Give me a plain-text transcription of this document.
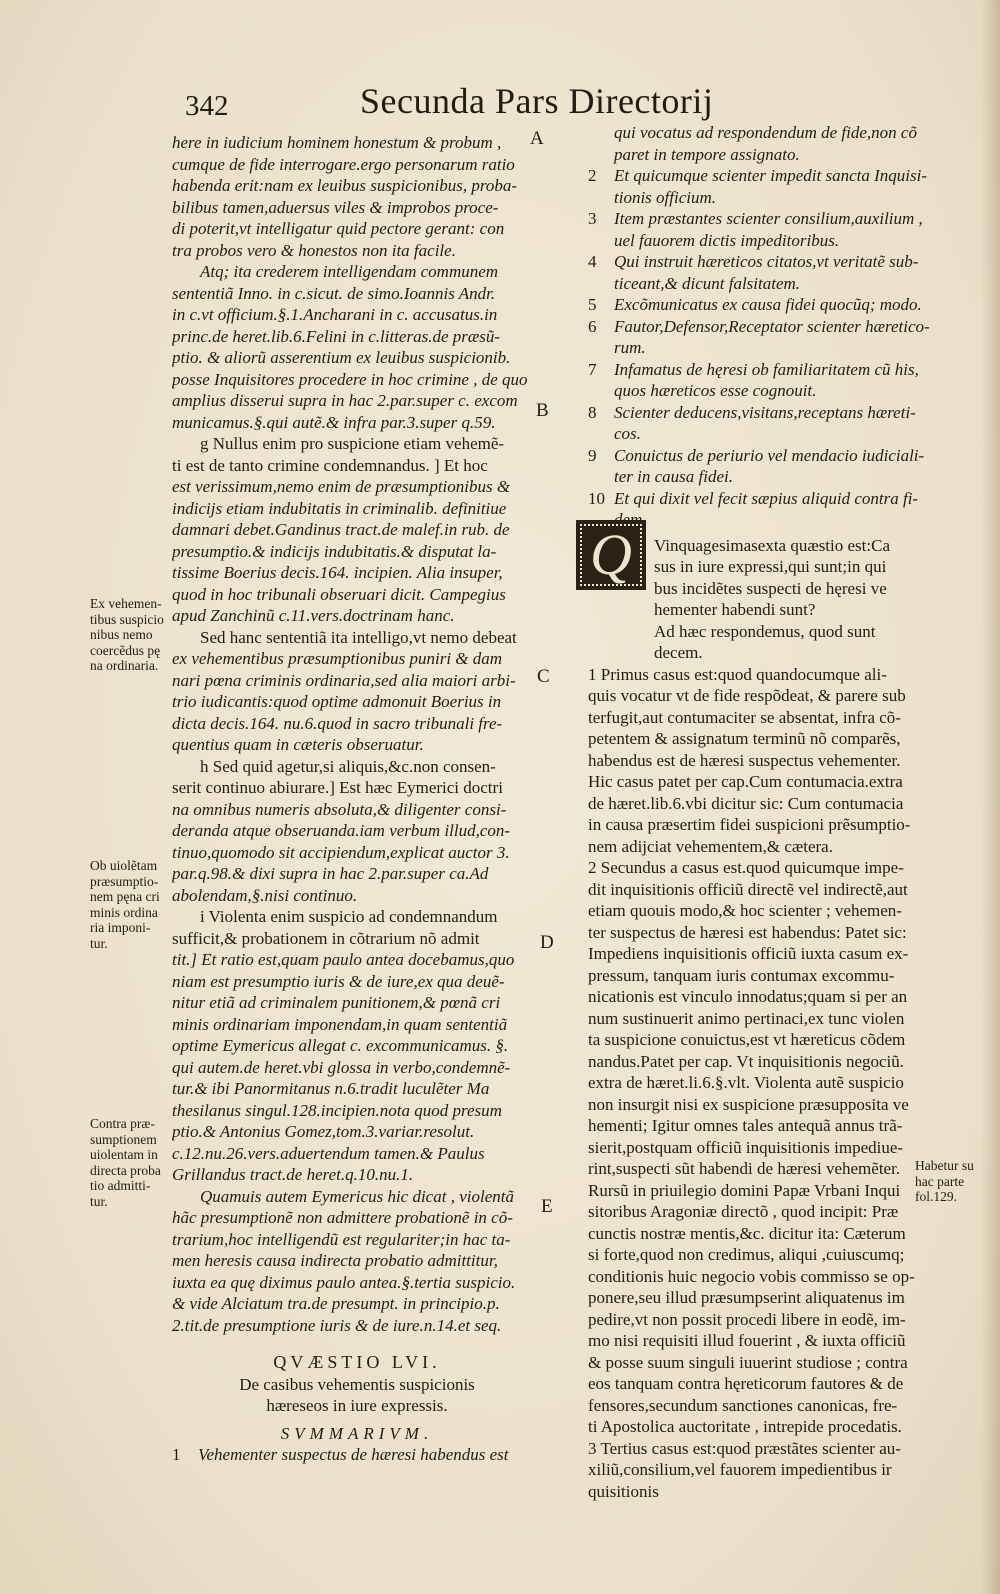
342	Secunda Pars Directorij
here in iudicium hominem honestum & probum ,
cumque de fide interrogare.ergo personarum ratio
habenda erit:nam ex leuibus suspicionibus, proba-
bilibus tamen,aduersus viles & improbos proce-
di poterit,vt intelligatur quid pectore gerant: con
tra probos vero & honestos non ita facile.
Atq; ita crederem intelligendam communem
sententiã Inno. in c.sicut. de simo.Ioannis Andr.
in c.vt officium.§.1.Ancharani in c. accusatus.in
princ.de heret.lib.6.Felini in c.litteras.de præsũ-
ptio. & aliorũ asserentium ex leuibus suspicionib.
posse Inquisitores procedere in hoc crimine , de quo
amplius disserui supra in hac 2.par.super c. excom
municamus.§.qui autẽ.& infra par.3.super q.59.
g Nullus enim pro suspicione etiam vehemẽ-
ti est de tanto crimine condemnandus. ] Et hoc
est verissimum,nemo enim de præsumptionibus &
indicijs etiam indubitatis in criminalib. definitiue
damnari debet.Gandinus tract.de malef.in rub. de
presumptio.& indicijs indubitatis.& disputat la-
tissime Boerius decis.164. incipien. Alia insuper,
quod in hoc tribunali obseruari dicit. Campegius
apud Zanchinũ c.11.vers.doctrinam hanc.
Sed hanc sententiã ita intelligo,vt nemo debeat
ex vehementibus præsumptionibus puniri & dam
nari pœna criminis ordinaria,sed alia maiori arbi-
trio iudicantis:quod optime admonuit Boerius in
dicta decis.164. nu.6.quod in sacro tribunali fre-
quentius quam in cæteris obseruatur.
h Sed quid agetur,si aliquis,&c.non consen-
serit continuo abiurare.] Est hæc Eymerici doctri
na omnibus numeris absoluta,& diligenter consi-
deranda atque obseruanda.iam verbum illud,con-
tinuo,quomodo sit accipiendum,explicat auctor 3.
par.q.98.& dixi supra in hac 2.par.super ca.Ad
abolendam,§.nisi continuo.
i Violenta enim suspicio ad condemnandum
sufficit,& probationem in cõtrarium nõ admit
tit.] Et ratio est,quam paulo antea docebamus,quo
niam est presumptio iuris & de iure,ex qua deuẽ-
nitur etiã ad criminalem punitionem,& pœnã cri
minis ordinariam imponendam,in quam sententiã
optime Eymericus allegat c. excommunicamus. §.
qui autem.de heret.vbi glossa in verbo,condemnẽ-
tur.& ibi Panormitanus n.6.tradit luculẽter Ma
thesilanus singul.128.incipien.nota quod presum
ptio.& Antonius Gomez,tom.3.variar.resolut.
c.12.nu.26.vers.aduertendum tamen.& Paulus
Grillandus tract.de heret.q.10.nu.1.
Quamuis autem Eymericus hic dicat , violentã
hãc presumptionẽ non admittere probationẽ in cõ-
trarium,hoc intelligendũ est regulariter;in hac ta-
men heresis causa indirecta probatio admittitur,
iuxta ea quę diximus paulo antea.§.tertia suspicio.
& vide Alciatum tra.de presumpt. in principio.p.
2.tit.de presumptione iuris & de iure.n.14.et seq.
QVÆSTIO LVI.
De casibus vehementis suspicionis
hæreseos in iure expressis.
SVMMARIVM.
1 Vehementer suspectus de hæresi habendus est
qui vocatus ad respondendum de fide,non cõ
paret in tempore assignato.
2 Et quicumque scienter impedit sancta Inquisi-
tionis officium.
3 Item præstantes scienter consilium,auxilium ,
uel fauorem dictis impeditoribus.
4 Qui instruit hæreticos citatos,vt veritatẽ sub-
ticeant,& dicunt falsitatem.
5 Excõmunicatus ex causa fidei quocũq; modo.
6 Fautor,Defensor,Receptator scienter hæretico-
rum.
7 Infamatus de hęresi ob familiaritatem cũ his,
quos hæreticos esse cognouit.
8 Scienter deducens,visitans,receptans hæreti-
cos.
9 Conuictus de periurio vel mendacio iudiciali-
ter in causa fidei.
10 Et qui dixit vel fecit sæpius aliquid contra fi-
Vinquagesimasexta quæstio est:Ca
sus in iure expressi,qui sunt;in qui
bus incidẽtes suspecti de hęresi ve
hementer habendi sunt?
Ad hæc respondemus, quod sunt
decem.
1 Primus casus est:quod quandocumque ali-
quis vocatur vt de fide respõdeat, & parere sub
terfugit,aut contumaciter se absentat, infra cõ-
petentem & assignatum terminũ nõ comparẽs,
habendus est de hæresi suspectus vehementer.
Hic casus patet per cap.Cum contumacia.extra
de hæret.lib.6.vbi dicitur sic: Cum contumacia
in causa præsertim fidei suspicioni prẽsumptio-
nem adijciat vehementem,& cætera.
2 Secundus a casus est.quod quicumque impe-
dit inquisitionis officiũ directẽ vel indirectẽ,aut
etiam quouis modo,& hoc scienter ; vehemen-
ter suspectus de hæresi est habendus: Patet sic:
Impediens inquisitionis officiũ iuxta casum ex-
pressum, tanquam iuris contumax excommu-
nicationis est vinculo innodatus;quam si per an
num sustinuerit animo pertinaci,ex tunc violen
ta suspicione conuictus,est vt hæreticus cõdem
nandus.Patet per cap. Vt inquisitionis negociũ.
extra de hæret.li.6.§.vlt. Violenta autẽ suspicio
non insurgit nisi ex suspicione præsupposita ve
hementi; Igitur omnes tales antequã annus trã-
sierit,postquam officiũ inquisitionis impediue-
rint,suspecti sũt habendi de hæresi vehemẽter.
Rursũ in priuilegio domini Papæ Vrbani Inqui
sitoribus Aragoniæ directõ , quod incipit: Præ
cunctis nostræ mentis,&c. dicitur ita: Cæterum
si forte,quod non credimus, aliqui ,cuiuscumq;
conditionis huic negocio vobis commisso se op-
ponere,seu illud præsumpserint aliquatenus im
pedire,vt non possit procedi libere in eodẽ, im-
mo nisi requisiti illud fouerint , & iuxta officiũ
& posse suum singuli iuuerint studiose ; contra
eos tanquam contra hęreticorum fautores & de
fensores,secundum sanctiones canonicas, fre-
ti Apostolica auctoritate , intrepide procedatis.
3 Tertius casus est:quod præstãtes scienter au-
xiliũ,consilium,vel fauorem impedientibus ir
quisitionis
Q
Ex vehemen-
tibus suspicio
nibus nemo
coercẽdus pę
na ordinaria.
Ob uiolẽtam
præsumptio-
nem pęna cri
minis ordina
ria imponi-
tur.
Contra præ-
sumptionem
uiolentam in
directa proba
tio admitti-
tur.
Habetur su
hac parte
fol.129.
A
B
C
D
E
